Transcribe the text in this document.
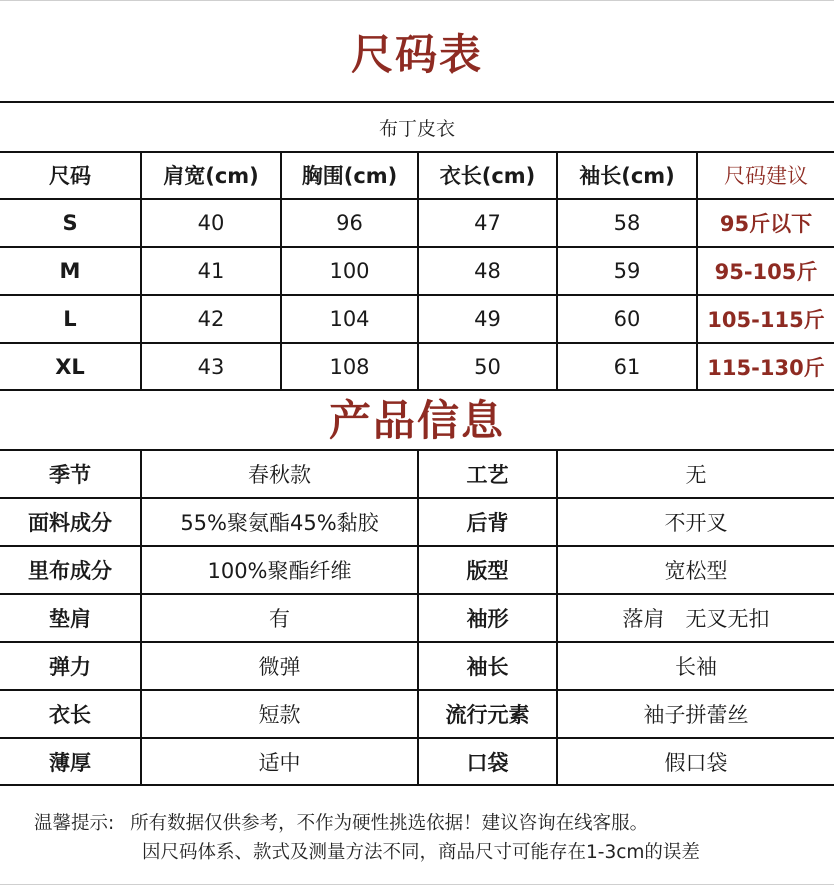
尺码表
布丁皮衣
尺码	肩宽(cm)	胸围(cm)	衣长(cm)	袖长(cm)	尺码建议
S	40	96	47	58	95斤以下
M	41	100	48	59	95-105斤
L	42	104	49	60	105-115斤
XL	43	108	50	61	115-130斤
产品信息
季节	春秋款	工艺	无
面料成分	55%聚氨酯45%黏胶	后背	不开叉
里布成分	100%聚酯纤维	版型	宽松型
垫肩	有	袖形	落肩　无叉无扣
弹力	微弹	袖长	长袖
衣长	短款	流行元素	袖子拼蕾丝
薄厚	适中	口袋	假口袋
温馨提示: 所有数据仅供参考，不作为硬性挑选依据！建议咨询在线客服。
因尺码体系、款式及测量方法不同，商品尺寸可能存在1-3cm的误差
